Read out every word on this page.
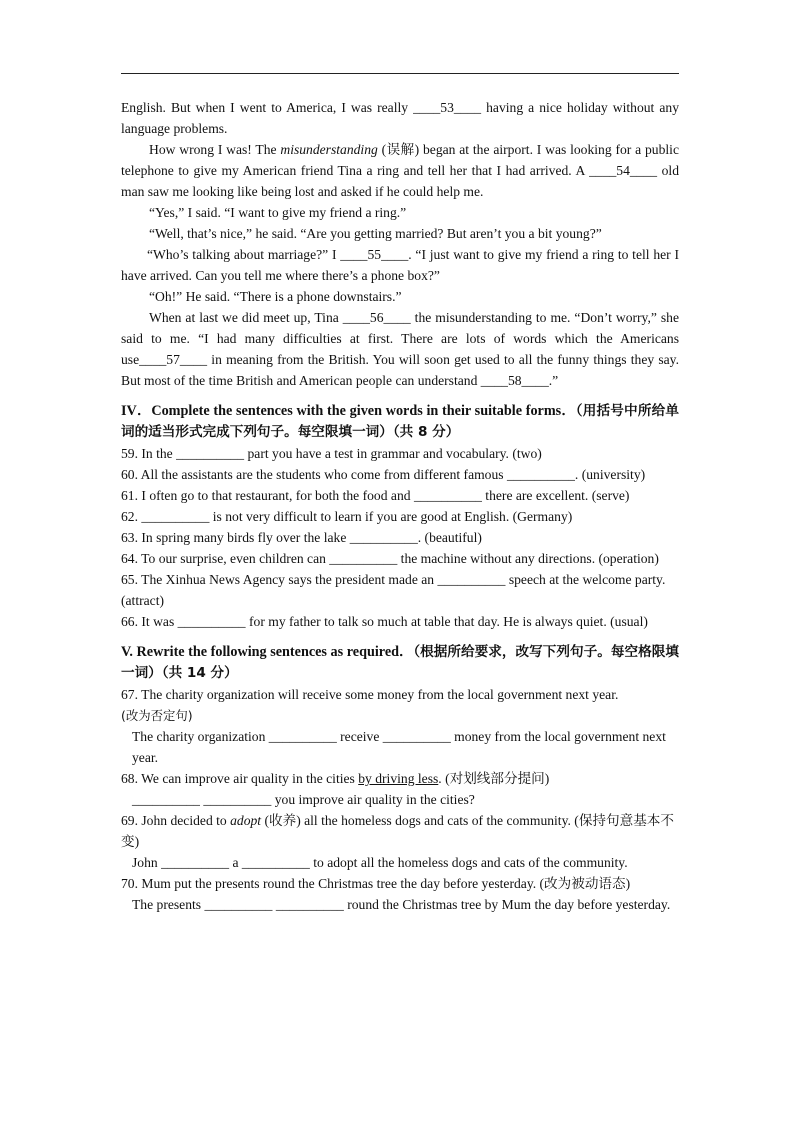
English. But when I went to America, I was really ____53____ having a nice holiday without any language problems.

How wrong I was! The misunderstanding (误解) began at the airport. I was looking for a public telephone to give my American friend Tina a ring and tell her that I had arrived. A ____54____ old man saw me looking like being lost and asked if he could help me.

“Yes,” I said. “I want to give my friend a ring.”

“Well, that’s nice,” he said. “Are you getting married? But aren’t you a bit young?”

“Who’s talking about marriage?” I ____55____. “I just want to give my friend a ring to tell her I have arrived. Can you tell me where there’s a phone box?”

“Oh!” He said. “There is a phone downstairs.”

When at last we did meet up, Tina ____56____ the misunderstanding to me. “Don’t worry,” she said to me. “I had many difficulties at first. There are lots of words which the Americans use____57____ in meaning from the British. You will soon get used to all the funny things they say. But most of the time British and American people can understand ____58____.”

IV．Complete the sentences with the given words in their suitable forms．（用括号中所给单词的适当形式完成下列句子。每空限填一词）（共 8 分）

59. In the __________ part you have a test in grammar and vocabulary. (two)

60. All the assistants are the students who come from different famous __________. (university)

61. I often go to that restaurant, for both the food and __________ there are excellent. (serve)

62. __________ is not very difficult to learn if you are good at English. (Germany)

63. In spring many birds fly over the lake __________. (beautiful)

64. To our surprise, even children can __________ the machine without any directions. (operation)

65. The Xinhua News Agency says the president made an __________ speech at the welcome party. (attract)

66. It was __________ for my father to talk so much at table that day. He is always quiet. (usual)

V. Rewrite the following sentences as required．（根据所给要求，改写下列句子。每空格限填一词）（共 14 分）

67. The charity organization will receive some money from the local government next year.
(改为否定句)

The charity organization __________ receive __________ money from the local government next year.

68. We can improve air quality in the cities by driving less. (对划线部分提问)

__________ __________ you improve air quality in the cities?

69. John decided to adopt (收养) all the homeless dogs and cats of the community. (保持句意基本不变)

John __________ a __________ to adopt all the homeless dogs and cats of the community.

70. Mum put the presents round the Christmas tree the day before yesterday. (改为被动语态)

The presents __________ __________ round the Christmas tree by Mum the day before yesterday.
